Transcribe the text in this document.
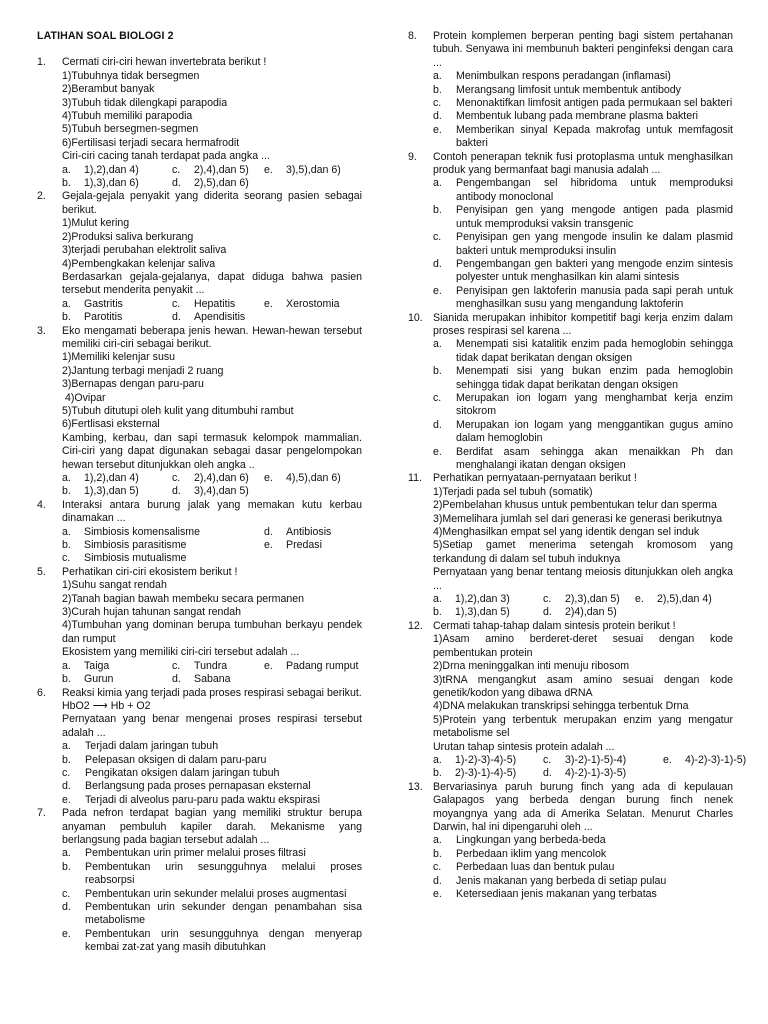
LATIHAN SOAL BIOLOGI 2
1.	Cermati ciri-ciri hewan invertebrata berikut !
1)Tubuhnya tidak bersegmen
2)Berambut banyak
3)Tubuh tidak dilengkapi parapodia
4)Tubuh memiliki parapodia
5)Tubuh bersegmen-segmen
6)Fertilisasi terjadi secara hermafrodit
Ciri-ciri cacing tanah terdapat pada angka ...
a.	1),2),dan 4)	c.	2),4),dan 5)	e.	3),5),dan 6)
b.	1),3),dan 6)	d.	2),5),dan 6)
2.	Gejala-gejala penyakit yang diderita seorang pasien sebagai berikut.
1)Mulut kering
2)Produksi saliva berkurang
3)terjadi perubahan elektrolit saliva
4)Pembengkakan kelenjar saliva
Berdasarkan gejala-gejalanya, dapat diduga bahwa pasien tersebut menderita penyakit ...
a.	Gastritis	c.	Hepatitis	e.	Xerostomia
b.	Parotitis	d.	Apendisitis
3.	Eko mengamati beberapa jenis hewan. Hewan-hewan tersebut memiliki ciri-ciri sebagai berikut.
1)Memiliki kelenjar susu
2)Jantung terbagi menjadi 2 ruang
3)Bernapas dengan paru-paru
4)Ovipar
5)Tubuh ditutupi oleh kulit yang ditumbuhi rambut
6)Fertlisasi eksternal
Kambing, kerbau, dan sapi termasuk kelompok mammalian. Ciri-ciri yang dapat digunakan sebagai dasar pengelompokan hewan tersebut ditunjukkan oleh angka ..
a.	1),2),dan 4)	c.	2),4),dan 6)	e.	4),5),dan 6)
b.	1),3),dan 5)	d.	3),4),dan 5)
4.	Interaksi antara burung jalak yang memakan kutu kerbau dinamakan ...
a.	Simbiosis komensalisme	d.	Antibiosis
b.	Simbiosis parasitisme	e.	Predasi
c.	Simbiosis mutualisme
5.	Perhatikan ciri-ciri ekosistem berikut !
1)Suhu sangat rendah
2)Tanah bagian bawah membeku secara permanen
3)Curah hujan tahunan sangat rendah
4)Tumbuhan yang dominan berupa tumbuhan berkayu pendek dan rumput
Ekosistem yang memiliki ciri-ciri tersebut adalah ...
a.	Taiga	c.	Tundra	e.	Padang rumput
b.	Gurun	d.	Sabana
6.	Reaksi kimia yang terjadi pada proses respirasi sebagai berikut.
HbO2 ⟶ Hb + O2
Pernyataan yang benar mengenai proses respirasi tersebut adalah ...
a.	Terjadi dalam jaringan tubuh
b.	Pelepasan oksigen di dalam paru-paru
c.	Pengikatan oksigen dalam jaringan tubuh
d.	Berlangsung pada proses pernapasan eksternal
e.	Terjadi di alveolus paru-paru pada waktu ekspirasi
7.	Pada nefron terdapat bagian yang memiliki struktur berupa anyaman pembuluh kapiler darah. Mekanisme yang berlangsung pada bagian tersebut adalah ...
a.	Pembentukan urin primer melalui proses filtrasi
b.	Pembentukan urin sesungguhnya melalui proses reabsorpsi
c.	Pembentukan urin sekunder melalui proses augmentasi
d.	Pembentukan urin sekunder dengan penambahan sisa metabolisme
e.	Pembentukan urin sesungguhnya dengan menyerap kembai zat-zat yang masih dibutuhkan
8.	Protein komplemen berperan penting bagi sistem pertahanan tubuh. Senyawa ini membunuh bakteri penginfeksi dengan cara ...
a.	Menimbulkan respons peradangan (inflamasi)
b.	Merangsang limfosit untuk membentuk antibody
c.	Menonaktifkan limfosit antigen pada permukaan sel bakteri
d.	Membentuk lubang pada membrane plasma bakteri
e.	Memberikan sinyal Kepada makrofag untuk memfagosit bakteri
9.	Contoh penerapan teknik fusi protoplasma untuk menghasilkan produk yang bermanfaat bagi manusia adalah ...
a.	Pengembangan sel hibridoma untuk memproduksi antibody monoclonal
b.	Penyisipan gen yang mengode antigen pada plasmid untuk memproduksi vaksin transgenic
c.	Penyisipan gen yang mengode insulin ke dalam plasmid bakteri untuk memproduksi insulin
d.	Pengembangan gen bakteri yang mengode enzim sintesis polyester untuk menghasilkan kin alami sintesis
e.	Penyisipan gen laktoferin manusia pada sapi perah untuk menghasilkan susu yang mengandung laktoferin
10. Sianida merupakan inhibitor kompetitif bagi kerja enzim dalam proses respirasi sel karena ...
a.	Menempati sisi katalitik enzim pada hemoglobin sehingga tidak dapat berikatan dengan oksigen
b.	Menempati sisi yang bukan enzim pada hemoglobin sehingga tidak dapat berikatan dengan oksigen
c.	Merupakan ion logam yang menghambat kerja enzim sitokrom
d.	Merupakan ion logam yang menggantikan gugus amino dalam hemoglobin
e.	Berdifat asam sehingga akan menaikkan Ph dan menghalangi ikatan dengan oksigen
11.	Perhatikan pernyataan-pernyataan berikut !
1)Terjadi pada sel tubuh (somatik)
2)Pembelahan khusus untuk pembentukan telur dan sperma
3)Memelihara jumlah sel dari generasi ke generasi berikutnya
4)Menghasilkan empat sel yang identik dengan sel induk
5)Setiap gamet menerima setengah kromosom yang terkandung di dalam sel tubuh induknya
Pernyataan yang benar tentang meiosis ditunjukkan oleh angka ...
a.	1),2),dan 3)	c.	2),3),dan 5)	e.	2),5),dan 4)
b.	1),3),dan 5)	d.	2)4),dan 5)
12. Cermati tahap-tahap dalam sintesis protein berikut !
1)Asam amino berderet-deret sesuai dengan kode pembentukan protein
2)Drna meninggalkan inti menuju ribosom
3)tRNA mengangkut asam amino sesuai dengan kode genetik/kodon yang dibawa dRNA
4)DNA melakukan transkripsi sehingga terbentuk Drna
5)Protein yang terbentuk merupakan enzim yang mengatur metabolisme sel
Urutan tahap sintesis protein adalah ...
a.	1)-2)-3)-4)-5)	c.	3)-2)-1)-5)-4)	e.	4)-2)-3)-1)-5)
b.	2)-3)-1)-4)-5)	d.	4)-2)-1)-3)-5)
13. Bervariasinya paruh burung finch yang ada di kepulauan Galapagos yang berbeda dengan burung finch nenek moyangnya yang ada di Amerika Selatan. Menurut Charles Darwin, hal ini dipengaruhi oleh ...
a.	Lingkungan yang berbeda-beda
b.	Perbedaan iklim yang mencolok
c.	Perbedaan luas dan bentuk pulau
d.	Jenis makanan yang berbeda di setiap pulau
e.	Ketersediaan jenis makanan yang terbatas
